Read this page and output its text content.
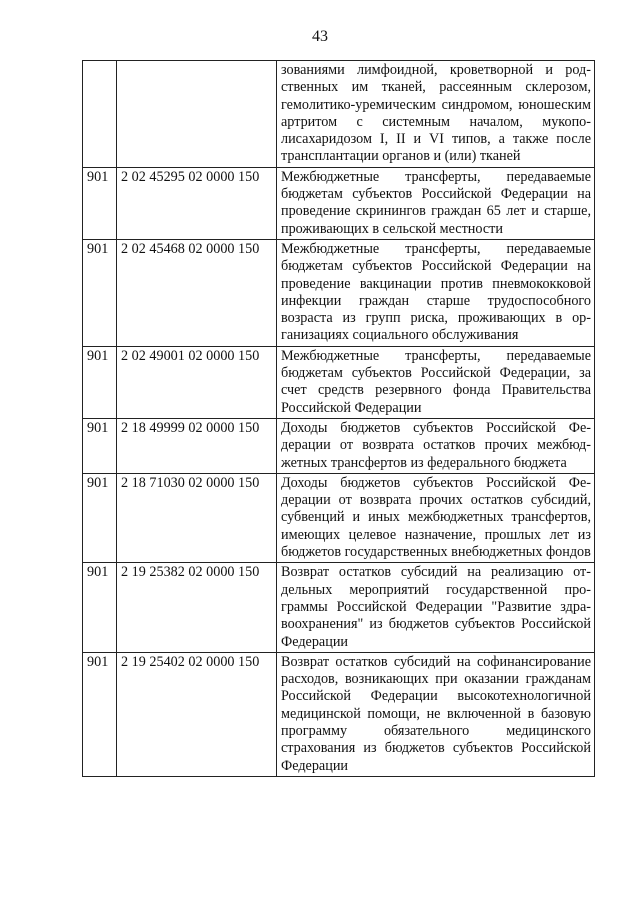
43
		зованиями лимфоидной, кроветворной и родственных им тканей, рассеянным склерозом, гемолитико-уремическим синдромом, юношеским артритом с системным началом, мукополисахаридозом I, II и VI типов, а также после трансплантации органов и (или) тканей
901	2 02 45295 02 0000 150	Межбюджетные трансферты, передаваемые бюджетам субъектов Российской Федерации на проведение скринингов граждан 65 лет и старше, проживающих в сельской местности
901	2 02 45468 02 0000 150	Межбюджетные трансферты, передаваемые бюджетам субъектов Российской Федерации на проведение вакцинации против пневмококковой инфекции граждан старше трудоспособного возраста из групп риска, проживающих в организациях социального обслуживания
901	2 02 49001 02 0000 150	Межбюджетные трансферты, передаваемые бюджетам субъектов Российской Федерации, за счет средств резервного фонда Правительства Российской Федерации
901	2 18 49999 02 0000 150	Доходы бюджетов субъектов Российской Федерации от возврата остатков прочих межбюджетных трансфертов из федерального бюджета
901	2 18 71030 02 0000 150	Доходы бюджетов субъектов Российской Федерации от возврата прочих остатков субсидий, субвенций и иных межбюджетных трансфертов, имеющих целевое назначение, прошлых лет из бюджетов государственных внебюджетных фондов
901	2 19 25382 02 0000 150	Возврат остатков субсидий на реализацию отдельных мероприятий государственной программы Российской Федерации "Развитие здравоохранения" из бюджетов субъектов Российской Федерации
901	2 19 25402 02 0000 150	Возврат остатков субсидий на софинансирование расходов, возникающих при оказании гражданам Российской Федерации высокотехнологичной медицинской помощи, не включенной в базовую программу обязательного медицинского страхования из бюджетов субъектов Российской Федерации
